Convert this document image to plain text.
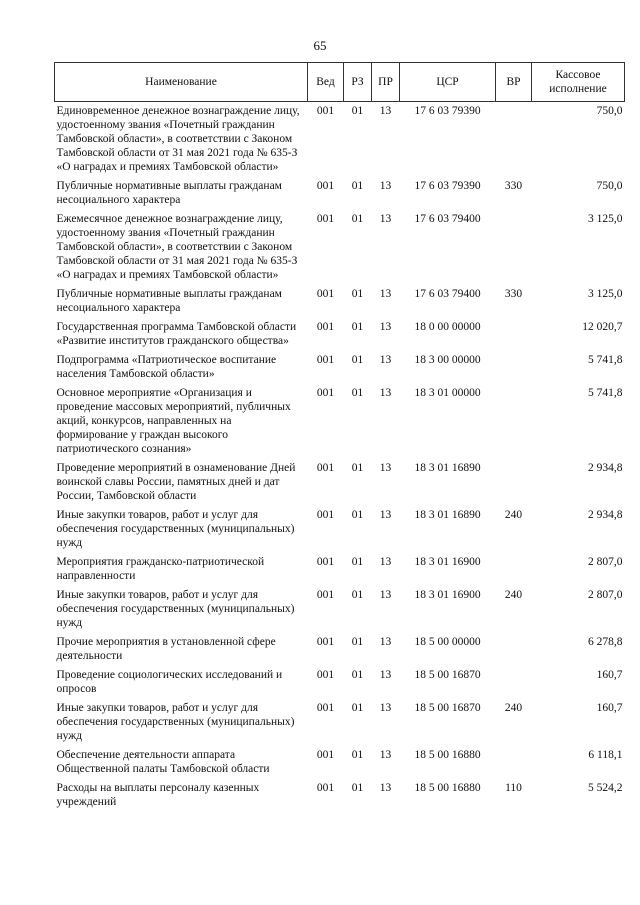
65
Наименование	Вед	РЗ	ПР	ЦСР	ВР	Кассовое исполнение
Единовременное денежное вознаграждение лицу, удостоенному звания «Почетный гражданин Тамбовской области», в соответствии с Законом Тамбовской области от 31 мая 2021 года № 635-З «О наградах и премиях Тамбовской области»	001	01	13	17 6 03 79390		750,0
Публичные нормативные выплаты гражданам несоциального характера	001	01	13	17 6 03 79390	330	750,0
Ежемесячное денежное вознаграждение лицу, удостоенному звания «Почетный гражданин Тамбовской области», в соответствии с Законом Тамбовской области от 31 мая 2021 года № 635-З «О наградах и премиях Тамбовской области»	001	01	13	17 6 03 79400		3 125,0
Публичные нормативные выплаты гражданам несоциального характера	001	01	13	17 6 03 79400	330	3 125,0
Государственная программа Тамбовской области «Развитие институтов гражданского общества»	001	01	13	18 0 00 00000		12 020,7
Подпрограмма «Патриотическое воспитание населения Тамбовской области»	001	01	13	18 3 00 00000		5 741,8
Основное мероприятие «Организация и проведение массовых мероприятий, публичных акций, конкурсов, направленных на формирование у граждан высокого патриотического сознания»	001	01	13	18 3 01 00000		5 741,8
Проведение мероприятий в ознаменование Дней воинской славы России, памятных дней и дат России, Тамбовской области	001	01	13	18 3 01 16890		2 934,8
Иные закупки товаров, работ и услуг для обеспечения государственных (муниципальных) нужд	001	01	13	18 3 01 16890	240	2 934,8
Мероприятия гражданско-патриотической направленности	001	01	13	18 3 01 16900		2 807,0
Иные закупки товаров, работ и услуг для обеспечения государственных (муниципальных) нужд	001	01	13	18 3 01 16900	240	2 807,0
Прочие мероприятия в установленной сфере деятельности	001	01	13	18 5 00 00000		6 278,8
Проведение социологических исследований и опросов	001	01	13	18 5 00 16870		160,7
Иные закупки товаров, работ и услуг для обеспечения государственных (муниципальных) нужд	001	01	13	18 5 00 16870	240	160,7
Обеспечение деятельности аппарата Общественной палаты Тамбовской области	001	01	13	18 5 00 16880		6 118,1
Расходы на выплаты персоналу казенных учреждений	001	01	13	18 5 00 16880	110	5 524,2
